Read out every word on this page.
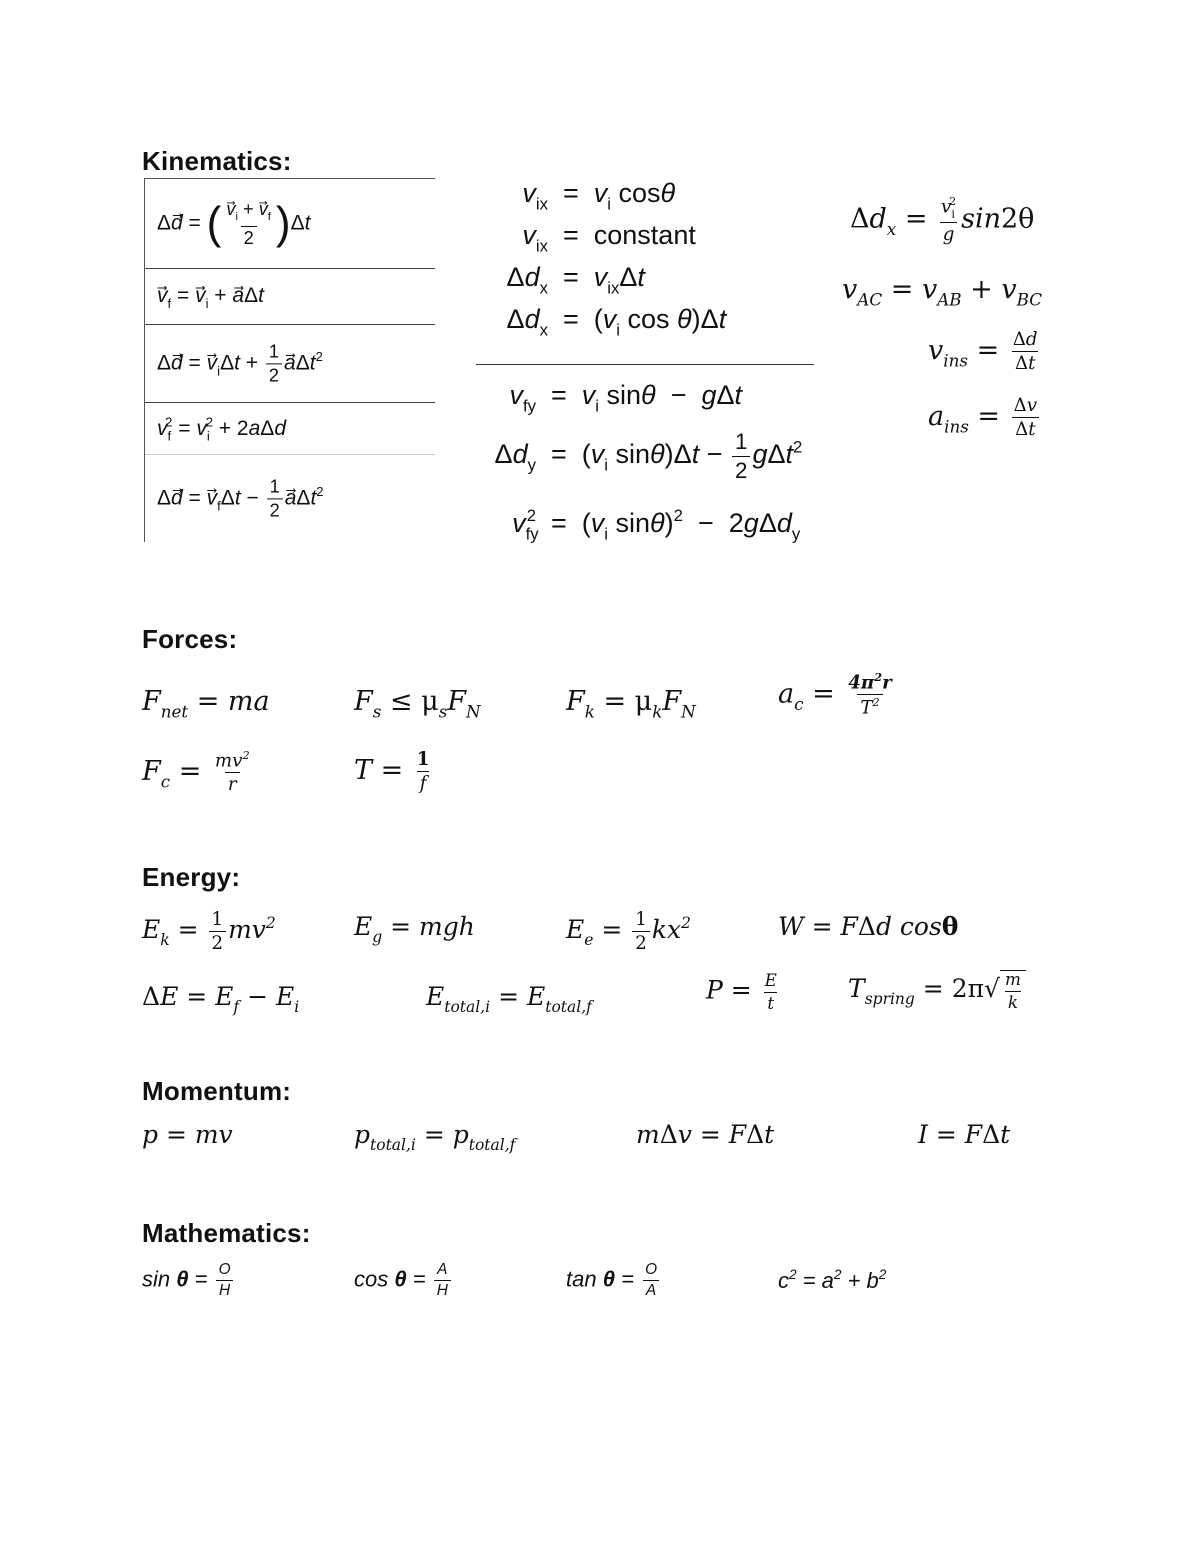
Kinematics:
Δd⃗ = ( $\frac{v_i + v_f}{2} )\Delta t$
$v_f = v_i$ + a⃗Δt
Δd⃗ = $v_i\Delta t + \frac{1}{2}$ $a⃗\Delta t^2$
$v_f^2 = v_i^2 + 2a\Delta d$
Δd⃗ = $v_f\Delta t - \frac{1}{2}$ $a⃗\Delta t^2$
$v_{ix} = v_i$ cosθ
$v_{ix}$  =  constant
$\Delta d_x = v_{ix}\Delta t$
$\Delta d_x = (v_i$ cos θ)Δt
$v_{fy} = v_i$ sinθ  −  gΔt
$\Delta d_y = (v_i$ $\sin\theta)\Delta t - \frac{1}{2} g\Delta t^2$
$v_{fy}^2 = (v_i$ sinθ)$^2$  −  2gΔd$_y$
$\Delta d_x = \frac{v_i^2}{g} \sin 2\theta$
$v_{AC} = v_{AB} + v_{BC}$
$v_{ins} = \frac{\Delta d}{\Delta t}$
$a_{ins} = \frac{\Delta v}{\Delta t}$
Forces:
$F_{net}$ = ma	$F_s \le \mu_sF_N$	$F_k = \mu_kF_N$
$a_c = \frac{4\pi^2r}{T^2}$
$F_c = \frac{mv^2}{r}$	$T = \frac{1}{f}$
Energy:
$E_k = \frac{1}{2} mv^2$	$E_g$ = mgh	$E_e = \frac{1}{2} kx^2$	W = FΔd cosθ
$\Delta E = E_f - E_i$	$E_{total,i} = E_{total,f}$
$P = \frac{E}{t}$	$T_{spring} = 2\pi√ \frac{m}{k}$
Momentum:
p = mv	$p_{total,i} = p_{total,f}$	mΔv = FΔt	I = FΔt
Mathematics:
$\sin \theta = \frac{O}{H}$	$\cos \theta = \frac{A}{H}$	$\tan \theta = \frac{O}{A}$	$c^2 = a^2 + b^2$
